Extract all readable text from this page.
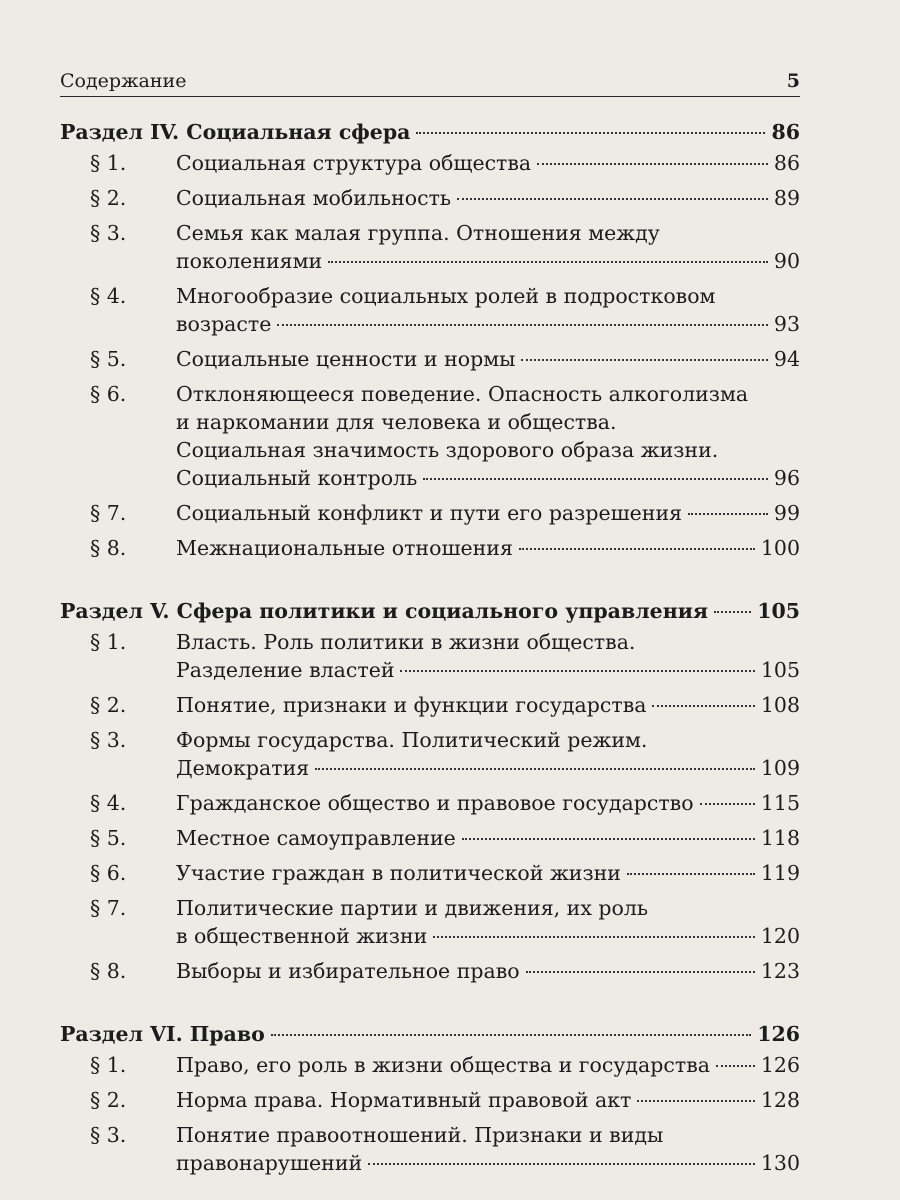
Содержание	5
Раздел IV. Социальная сфера	86
§ 1.	Социальная структура общества	86
§ 2.	Социальная мобильность	89
§ 3.	Семья как малая группа. Отношения между
поколениями	90
§ 4.	Многообразие социальных ролей в подростковом
возрасте	93
§ 5.	Социальные ценности и нормы	94
§ 6.	Отклоняющееся поведение. Опасность алкоголизма
и наркомании для человека и общества.
Социальная значимость здорового образа жизни.
Социальный контроль	96
§ 7.	Социальный конфликт и пути его разрешения	99
§ 8.	Межнациональные отношения	100
Раздел V. Сфера политики и социального управления 105
§ 1.	Власть. Роль политики в жизни общества.
Разделение властей	105
§ 2.	Понятие, признаки и функции государства	108
§ 3.	Формы государства. Политический режим.
Демократия	109
§ 4.	Гражданское общество и правовое государство	115
§ 5.	Местное самоуправление	118
§ 6.	Участие граждан в политической жизни	119
§ 7.	Политические партии и движения, их роль
в общественной жизни	120
§ 8.	Выборы и избирательное право	123
Раздел VI. Право	126
§ 1.	Право, его роль в жизни общества и государства 126
§ 2.	Норма права. Нормативный правовой акт	128
§ 3.	Понятие правоотношений. Признаки и виды
правонарушений	130
